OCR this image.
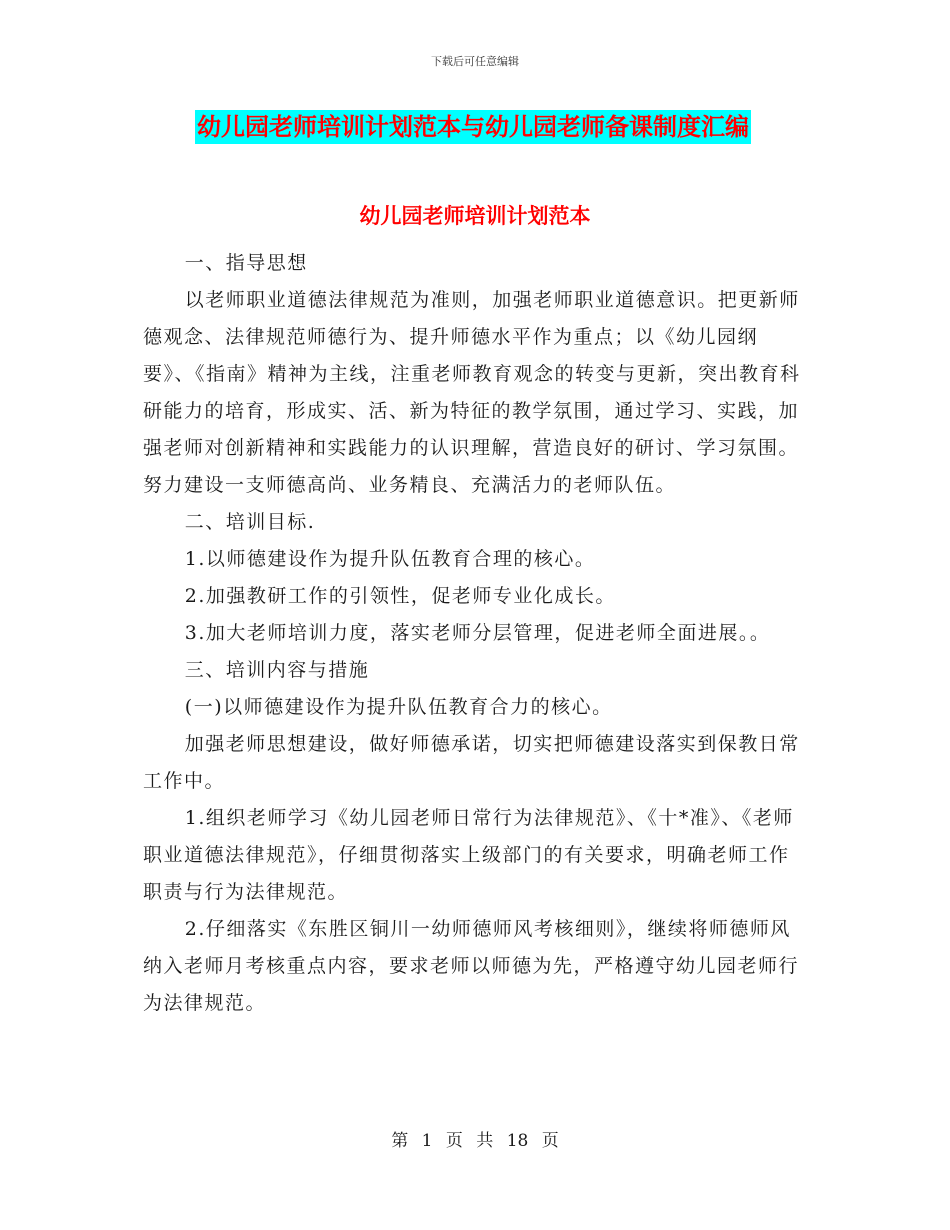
下载后可任意编辑
幼儿园老师培训计划范本与幼儿园老师备课制度汇编
幼儿园老师培训计划范本

一、指导思想

以老师职业道德法律规范为准则，加强老师职业道德意识。把更新师德观念、法律规范师德行为、提升师德水平作为重点；以《幼儿园纲要》、《指南》精神为主线，注重老师教育观念的转变与更新，突出教育科研能力的培育，形成实、活、新为特征的教学氛围，通过学习、实践，加强老师对创新精神和实践能力的认识理解，营造良好的研讨、学习氛围。努力建设一支师德高尚、业务精良、充满活力的老师队伍。

二、培训目标.

1.以师德建设作为提升队伍教育合理的核心。

2.加强教研工作的引领性，促老师专业化成长。

3.加大老师培训力度，落实老师分层管理，促进老师全面进展。。

三、培训内容与措施

(一)以师德建设作为提升队伍教育合力的核心。

加强老师思想建设，做好师德承诺，切实把师德建设落实到保教日常工作中。

1.组织老师学习《幼儿园老师日常行为法律规范》、《十*准》、《老师职业道德法律规范》，仔细贯彻落实上级部门的有关要求，明确老师工作职责与行为法律规范。

2.仔细落实《东胜区铜川一幼师德师风考核细则》，继续将师德师风纳入老师月考核重点内容，要求老师以师德为先，严格遵守幼儿园老师行为法律规范。

第 1 页 共 18 页
